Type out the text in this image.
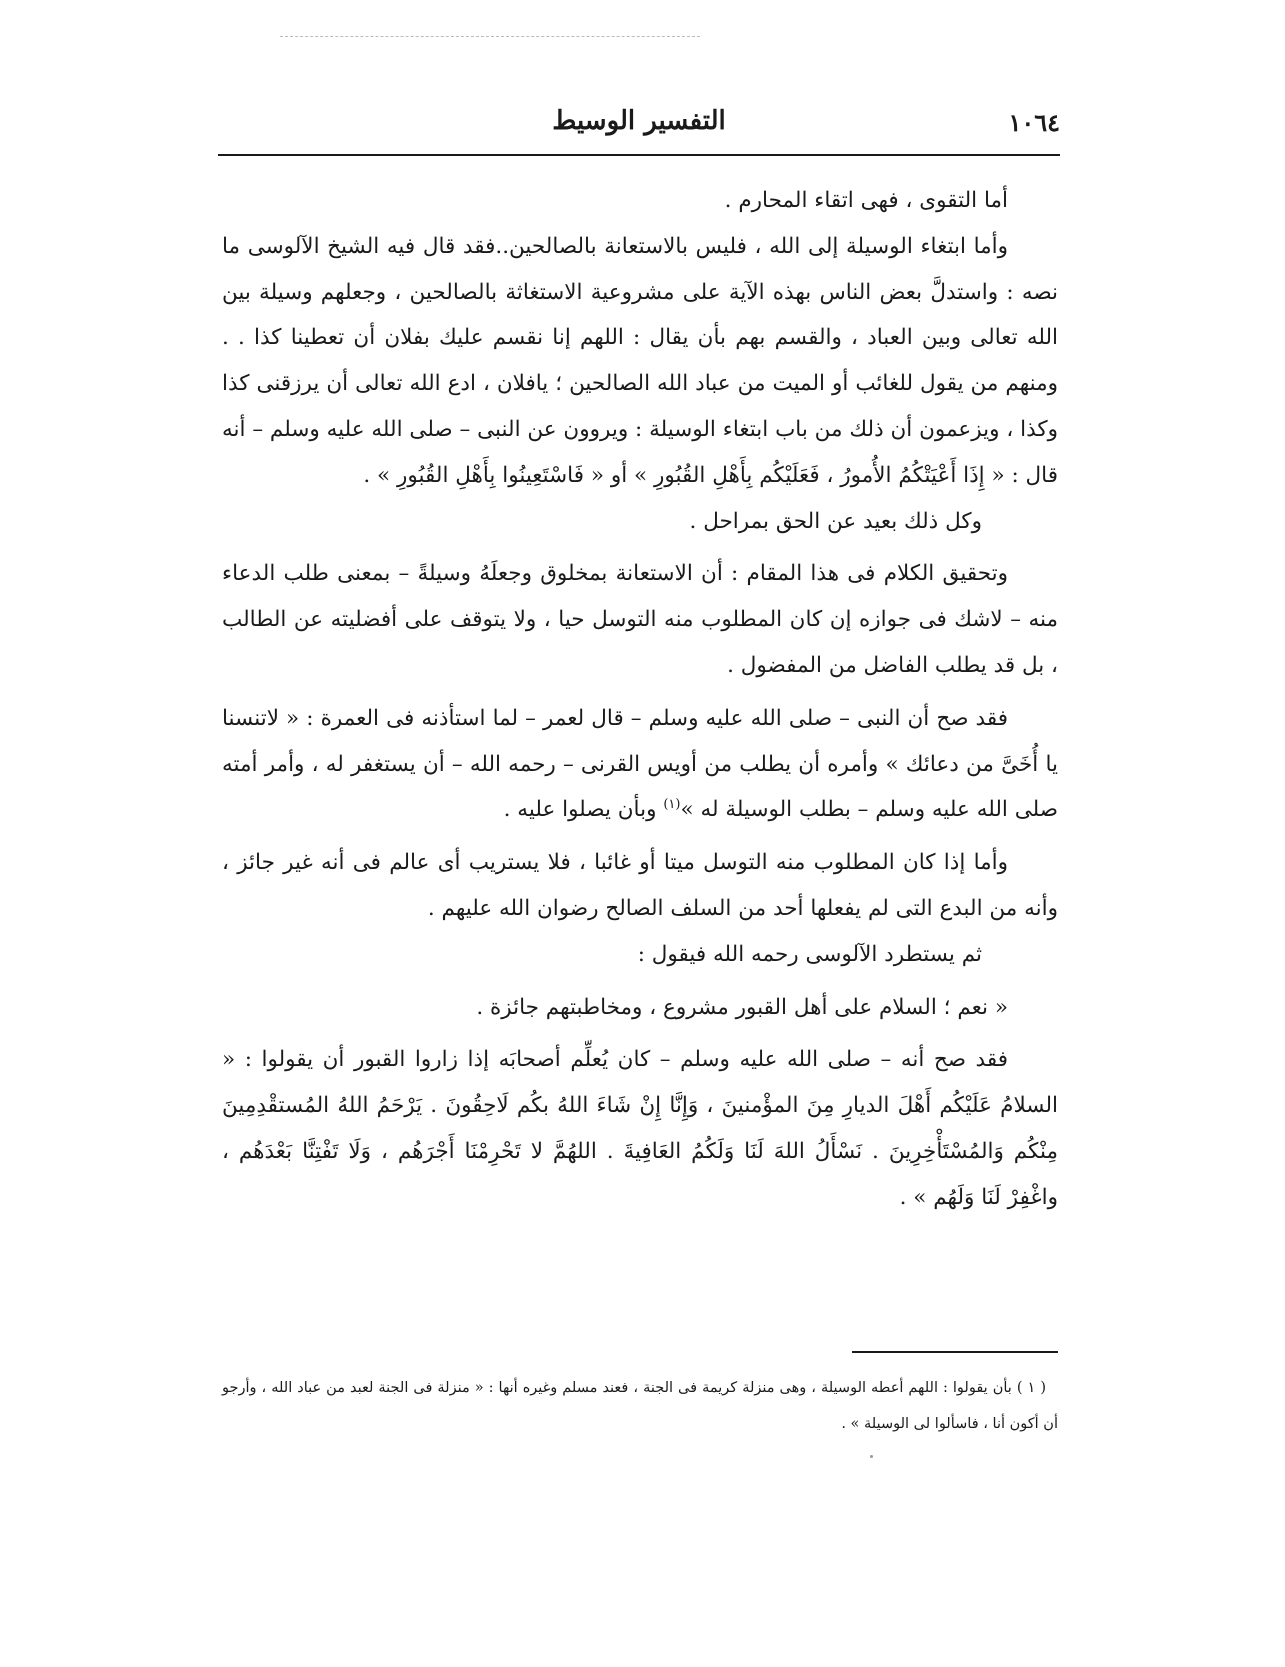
١٠٦٤
التفسير الوسيط

أما التقوى ، فهى اتقاء المحارم .

وأما ابتغاء الوسيلة إلى الله ، فليس بالاستعانة بالصالحين..فقد قال فيه الشيخ الآلوسى ما نصه : واستدلَّ بعض الناس بهذه الآية على مشروعية الاستغاثة بالصالحين ، وجعلهم وسيلة بين الله تعالى وبين العباد ، والقسم بهم بأن يقال : اللهم إنا نقسم عليك بفلان أن تعطينا كذا . . ومنهم من يقول للغائب أو الميت من عباد الله الصالحين ؛ يافلان ، ادع الله تعالى أن يرزقنى كذا وكذا ، ويزعمون أن ذلك من باب ابتغاء الوسيلة : ويروون عن النبى – صلى الله عليه وسلم – أنه قال : « إِذَا أَعْيَتْكُمُ الأُمورُ ، فَعَلَيْكُم بِأَهْلِ القُبُورِ » أو « فَاسْتَعِينُوا بِأَهْلِ القُبُورِ » .

وكل ذلك بعيد عن الحق بمراحل .

وتحقيق الكلام فى هذا المقام : أن الاستعانة بمخلوق وجعلَهُ وسيلةً – بمعنى طلب الدعاء منه – لاشك فى جوازه إن كان المطلوب منه التوسل حيا ، ولا يتوقف على أفضليته عن الطالب ، بل قد يطلب الفاضل من المفضول .

فقد صح أن النبى – صلى الله عليه وسلم – قال لعمر – لما استأذنه فى العمرة : « لاتنسنا يا أُخَىَّ من دعائك » وأمره أن يطلب من أويس القرنى – رحمه الله – أن يستغفر له ، وأمر أمته صلى الله عليه وسلم – بطلب الوسيلة له »$^{(١)}$ وبأن يصلوا عليه .

وأما إذا كان المطلوب منه التوسل ميتا أو غائبا ، فلا يستريب أى عالم فى أنه غير جائز ، وأنه من البدع التى لم يفعلها أحد من السلف الصالح رضوان الله عليهم .

ثم يستطرد الآلوسى رحمه الله فيقول :

« نعم ؛ السلام على أهل القبور مشروع ، ومخاطبتهم جائزة .

فقد صح أنه – صلى الله عليه وسلم – كان يُعلِّم أصحابَه إذا زاروا القبور أن يقولوا : « السلامُ عَلَيْكُم أَهْلَ الديارِ مِنَ المؤْمنينَ ، وَإِنَّا إِنْ شَاءَ اللهُ بكُم لَاحِقُونَ . يَرْحَمُ اللهُ المُستقْدِمِينَ مِنْكُم وَالمُسْتَأْخِرِينَ . نَسْأَلُ اللهَ لَنَا وَلَكُمُ العَافِيةَ . اللهُمَّ لا تَحْرِمْنَا أَجْرَهُم ، وَلَا تَفْتِنَّا بَعْدَهُم ، واغْفِرْ لَنَا وَلَهُم » .

( ١ ) بأن يقولوا : اللهم أعطه الوسيلة ، وهى منزلة كريمة فى الجنة ، فعند مسلم وغيره أنها : « منزلة فى الجنة لعبد من عباد الله ، وأرجو أن أكون أنا ، فاسألوا لى الوسيلة » .
